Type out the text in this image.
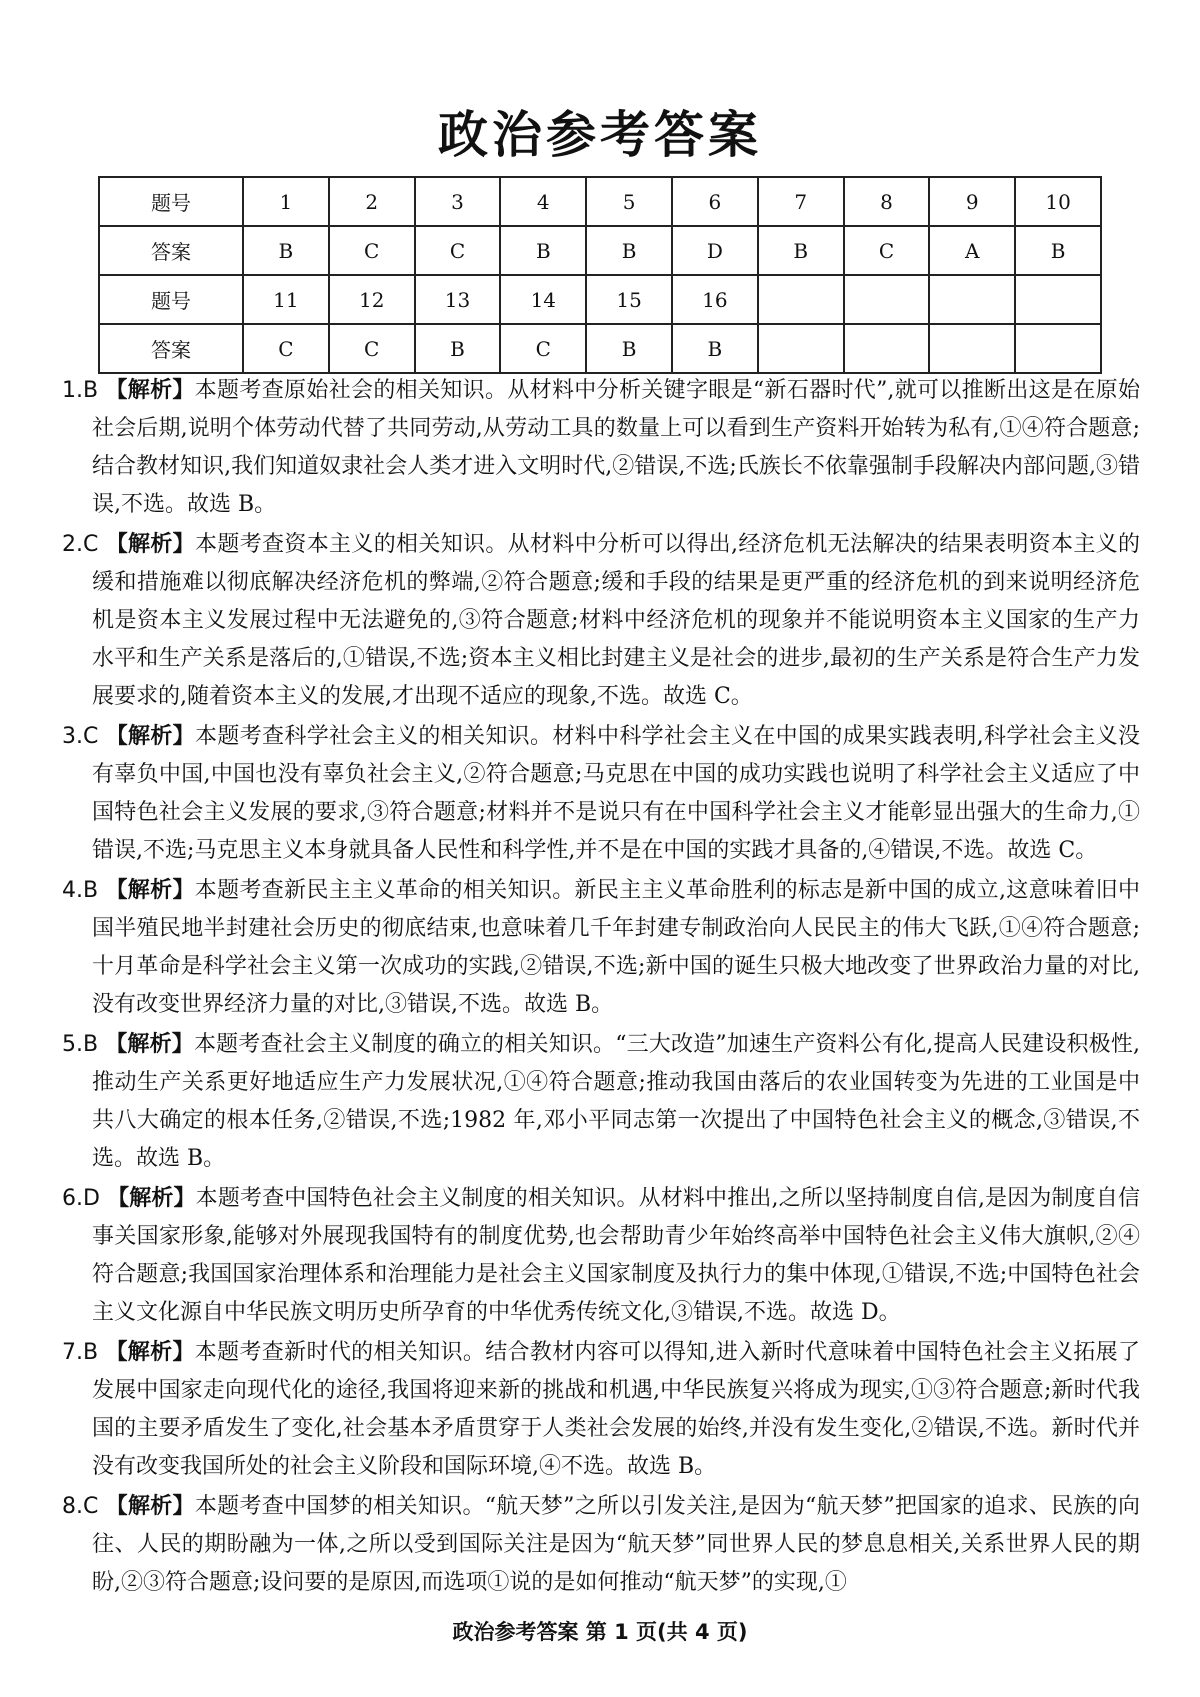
政治参考答案
题号	1	2	3	4	5	6	7	8	9	10
答案	B	C	C	B	B	D	B	C	A	B
题号	11	12	13	14	15	16				
答案	C	C	B	C	B	B				
1.B 【解析】本题考查原始社会的相关知识。从材料中分析关键字眼是“新石器时代”,就可以推断出这是在原始社会后期,说明个体劳动代替了共同劳动,从劳动工具的数量上可以看到生产资料开始转为私有,①④符合题意;结合教材知识,我们知道奴隶社会人类才进入文明时代,②错误,不选;氏族长不依靠强制手段解决内部问题,③错误,不选。故选 B。
2.C 【解析】本题考查资本主义的相关知识。从材料中分析可以得出,经济危机无法解决的结果表明资本主义的缓和措施难以彻底解决经济危机的弊端,②符合题意;缓和手段的结果是更严重的经济危机的到来说明经济危机是资本主义发展过程中无法避免的,③符合题意;材料中经济危机的现象并不能说明资本主义国家的生产力水平和生产关系是落后的,①错误,不选;资本主义相比封建主义是社会的进步,最初的生产关系是符合生产力发展要求的,随着资本主义的发展,才出现不适应的现象,不选。故选 C。
3.C 【解析】本题考查科学社会主义的相关知识。材料中科学社会主义在中国的成果实践表明,科学社会主义没有辜负中国,中国也没有辜负社会主义,②符合题意;马克思在中国的成功实践也说明了科学社会主义适应了中国特色社会主义发展的要求,③符合题意;材料并不是说只有在中国科学社会主义才能彰显出强大的生命力,①错误,不选;马克思主义本身就具备人民性和科学性,并不是在中国的实践才具备的,④错误,不选。故选 C。
4.B 【解析】本题考查新民主主义革命的相关知识。新民主主义革命胜利的标志是新中国的成立,这意味着旧中国半殖民地半封建社会历史的彻底结束,也意味着几千年封建专制政治向人民民主的伟大飞跃,①④符合题意;十月革命是科学社会主义第一次成功的实践,②错误,不选;新中国的诞生只极大地改变了世界政治力量的对比,没有改变世界经济力量的对比,③错误,不选。故选 B。
5.B 【解析】本题考查社会主义制度的确立的相关知识。“三大改造”加速生产资料公有化,提高人民建设积极性,推动生产关系更好地适应生产力发展状况,①④符合题意;推动我国由落后的农业国转变为先进的工业国是中共八大确定的根本任务,②错误,不选;1982 年,邓小平同志第一次提出了中国特色社会主义的概念,③错误,不选。故选 B。
6.D 【解析】本题考查中国特色社会主义制度的相关知识。从材料中推出,之所以坚持制度自信,是因为制度自信事关国家形象,能够对外展现我国特有的制度优势,也会帮助青少年始终高举中国特色社会主义伟大旗帜,②④符合题意;我国国家治理体系和治理能力是社会主义国家制度及执行力的集中体现,①错误,不选;中国特色社会主义文化源自中华民族文明历史所孕育的中华优秀传统文化,③错误,不选。故选 D。
7.B 【解析】本题考查新时代的相关知识。结合教材内容可以得知,进入新时代意味着中国特色社会主义拓展了发展中国家走向现代化的途径,我国将迎来新的挑战和机遇,中华民族复兴将成为现实,①③符合题意;新时代我国的主要矛盾发生了变化,社会基本矛盾贯穿于人类社会发展的始终,并没有发生变化,②错误,不选。新时代并没有改变我国所处的社会主义阶段和国际环境,④不选。故选 B。
8.C 【解析】本题考查中国梦的相关知识。“航天梦”之所以引发关注,是因为“航天梦”把国家的追求、民族的向往、人民的期盼融为一体,之所以受到国际关注是因为“航天梦”同世界人民的梦息息相关,关系世界人民的期盼,②③符合题意;设问要的是原因,而选项①说的是如何推动“航天梦”的实现,①
政治参考答案 第 1 页(共 4 页)
